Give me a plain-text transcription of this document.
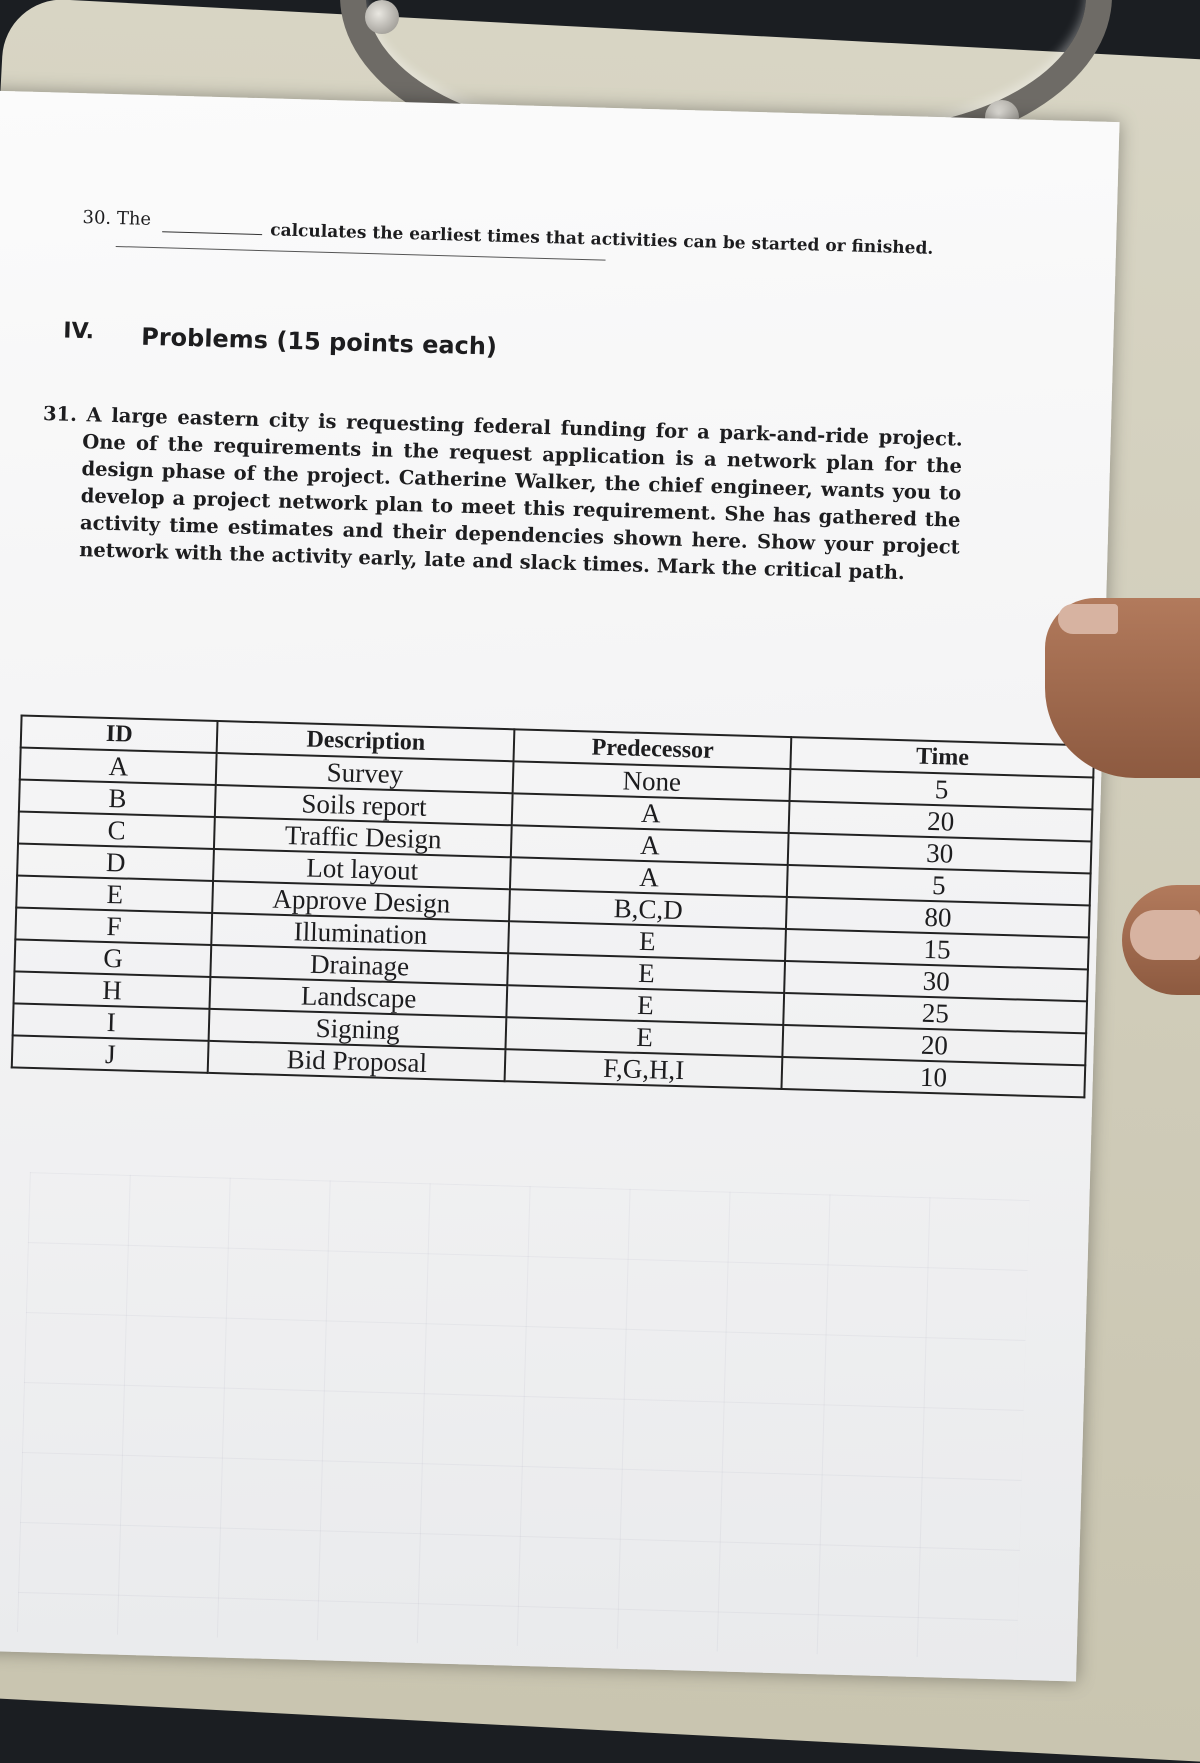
30. The
calculates the earliest times that activities can be started or finished.
IV. Problems (15 points each)

31. A large eastern city is requesting federal funding for a park-and-ride project. One of the requirements in the request application is a network plan for the design phase of the project. Catherine Walker, the chief engineer, wants you to develop a project network plan to meet this requirement. She has gathered the activity time estimates and their dependencies shown here. Show your project network with the activity early, late and slack times. Mark the critical path.

ID	Description	Predecessor	Time
A	Survey	None	5
B	Soils report	A	20
C	Traffic Design	A	30
D	Lot layout	A	5
E	Approve Design	B,C,D	80
F	Illumination	E	15
G	Drainage	E	30
H	Landscape	E	25
I	Signing	E	20
J	Bid Proposal	F,G,H,I	10
